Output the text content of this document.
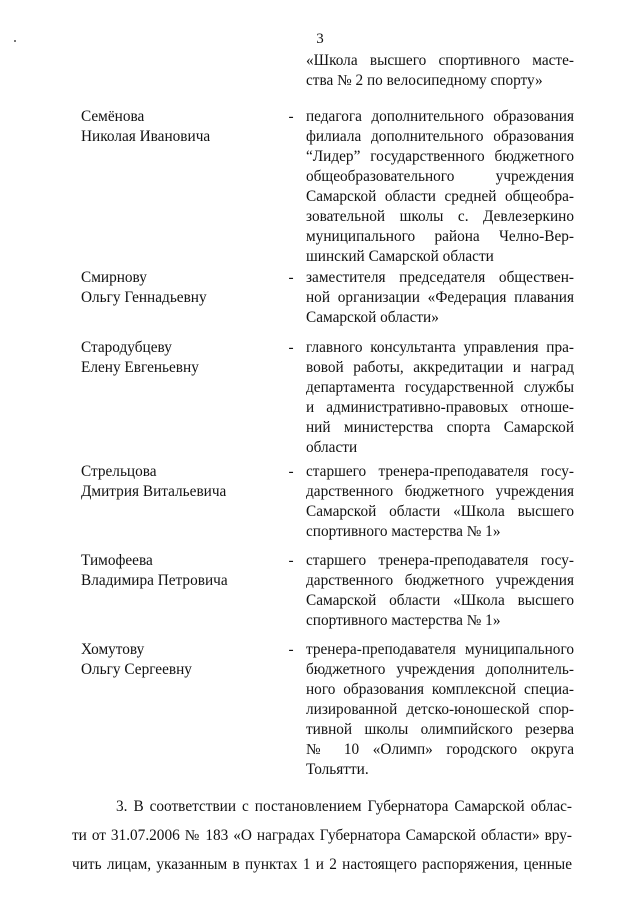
3
«Школа высшего спортивного масте-
ства № 2 по велосипедному спорту»
Семёнова
Николая Ивановича
- педагога дополнительного образования
филиала дополнительного образования
“Лидер” государственного бюджетного
общеобразовательного учреждения
Самарской области средней общеобра-
зовательной школы с. Девлезеркино
муниципального района Челно-Вер-
шинский Самарской области
Смирнову
Ольгу Геннадьевну
- заместителя председателя обществен-
ной организации «Федерация плавания
Самарской области»
Стародубцеву
Елену Евгеньевну
- главного консультанта управления пра-
вовой работы, аккредитации и наград
департамента государственной службы
и административно-правовых отноше-
ний министерства спорта Самарской
области
Стрельцова
Дмитрия Витальевича
- старшего тренера-преподавателя госу-
дарственного бюджетного учреждения
Самарской области «Школа высшего
спортивного мастерства № 1»
Тимофеева
Владимира Петровича
- старшего тренера-преподавателя госу-
дарственного бюджетного учреждения
Самарской области «Школа высшего
спортивного мастерства № 1»
Хомутову
Ольгу Сергеевну
- тренера-преподавателя муниципального
бюджетного учреждения дополнитель-
ного образования комплексной специа-
лизированной детско-юношеской спор-
тивной школы олимпийского резерва
№ 10 «Олимп» городского округа
Тольятти.
3. В соответствии с постановлением Губернатора Самарской облас-
ти от 31.07.2006 № 183 «О наградах Губернатора Самарской области» вру-
чить лицам, указанным в пунктах 1 и 2 настоящего распоряжения, ценные
